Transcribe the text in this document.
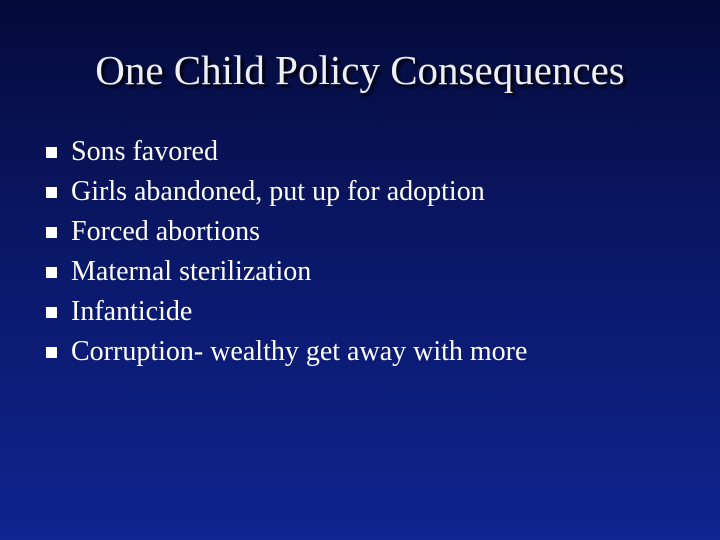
One Child Policy Consequences
Sons favored
Girls abandoned, put up for adoption
Forced abortions
Maternal sterilization
Infanticide
Corruption- wealthy get away with more
